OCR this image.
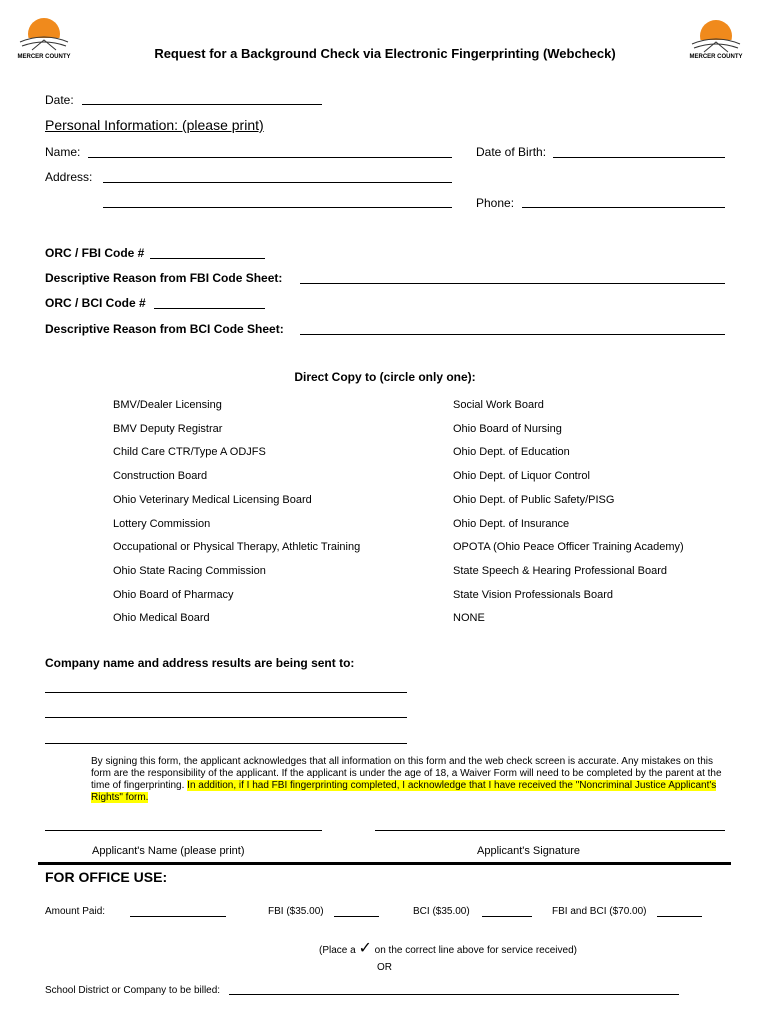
MERCER COUNTY	MERCER COUNTY
Request for a Background Check via Electronic Fingerprinting (Webcheck)
Date:
Personal Information: (please print)
Name:	Date of Birth:
Address:
Phone:
ORC / FBI Code #
Descriptive Reason from FBI Code Sheet:
ORC / BCI Code #
Descriptive Reason from BCI Code Sheet:
Direct Copy to (circle only one):
BMV/Dealer Licensing
BMV Deputy Registrar
Child Care CTR/Type A ODJFS
Construction Board
Ohio Veterinary Medical Licensing Board
Lottery Commission
Occupational or Physical Therapy, Athletic Training
Ohio State Racing Commission
Ohio Board of Pharmacy
Ohio Medical Board
Social Work Board
Ohio Board of Nursing
Ohio Dept. of Education
Ohio Dept. of Liquor Control
Ohio Dept. of Public Safety/PISG
Ohio Dept. of Insurance
OPOTA (Ohio Peace Officer Training Academy)
State Speech & Hearing Professional Board
State Vision Professionals Board
NONE
Company name and address results are being sent to:
By signing this form, the applicant acknowledges that all information on this form and the web check screen is accurate. Any mistakes on this form are the responsibility of the applicant. If the applicant is under the age of 18, a Waiver Form will need to be completed by the parent at the time of fingerprinting. In addition, if I had FBI fingerprinting completed, I acknowledge that I have received the "Noncriminal Justice Applicant's Rights" form.
Applicant's Name (please print)	Applicant's Signature
FOR OFFICE USE:
Amount Paid:	FBI ($35.00)	BCI ($35.00)	FBI and BCI ($70.00)
(Place a ✓ on the correct line above for service received)
OR
School District or Company to be billed:
